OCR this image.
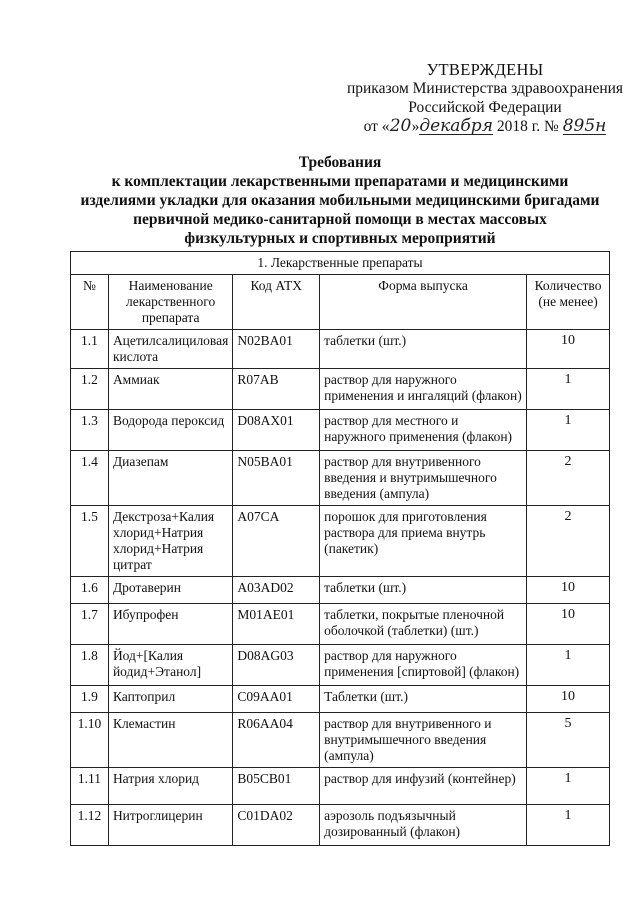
УТВЕРЖДЕНЫ
приказом Министерства здравоохранения
Российской Федерации
от «20»декабря 2018 г. № 895н
Требования
к комплектации лекарственными препаратами и медицинскими
изделиями укладки для оказания мобильными медицинскими бригадами
первичной медико-санитарной помощи в местах массовых
физкультурных и спортивных мероприятий
1. Лекарственные препараты				
№	Наименование лекарственного препарата	Код АТХ	Форма выпуска	Количество (не менее)
1.1	Ацетилсалициловая кислота	N02BA01	таблетки (шт.)	10
1.2	Аммиак	R07AB	раствор для наружного применения и ингаляций (флакон)	1
1.3	Водорода пероксид	D08AX01	раствор для местного и наружного применения (флакон)	1
1.4	Диазепам	N05BA01	раствор для внутривенного введения и внутримышечного введения (ампула)	2
1.5	Декстроза+Калия хлорид+Натрия хлорид+Натрия цитрат	A07CA	порошок для приготовления раствора для приема внутрь (пакетик)	2
1.6	Дротаверин	A03AD02	таблетки (шт.)	10
1.7	Ибупрофен	M01AE01	таблетки, покрытые пленочной оболочкой (таблетки) (шт.)	10
1.8	Йод+[Калия йодид+Этанол]	D08AG03	раствор для наружного применения [спиртовой] (флакон)	1
1.9	Каптоприл	C09AA01	Таблетки (шт.)	10
1.10	Клемастин	R06AA04	раствор для внутривенного и внутримышечного введения (ампула)	5
1.11	Натрия хлорид	B05CB01	раствор для инфузий (контейнер)	1
1.12	Нитроглицерин	C01DA02	аэрозоль подъязычный дозированный (флакон)	1
